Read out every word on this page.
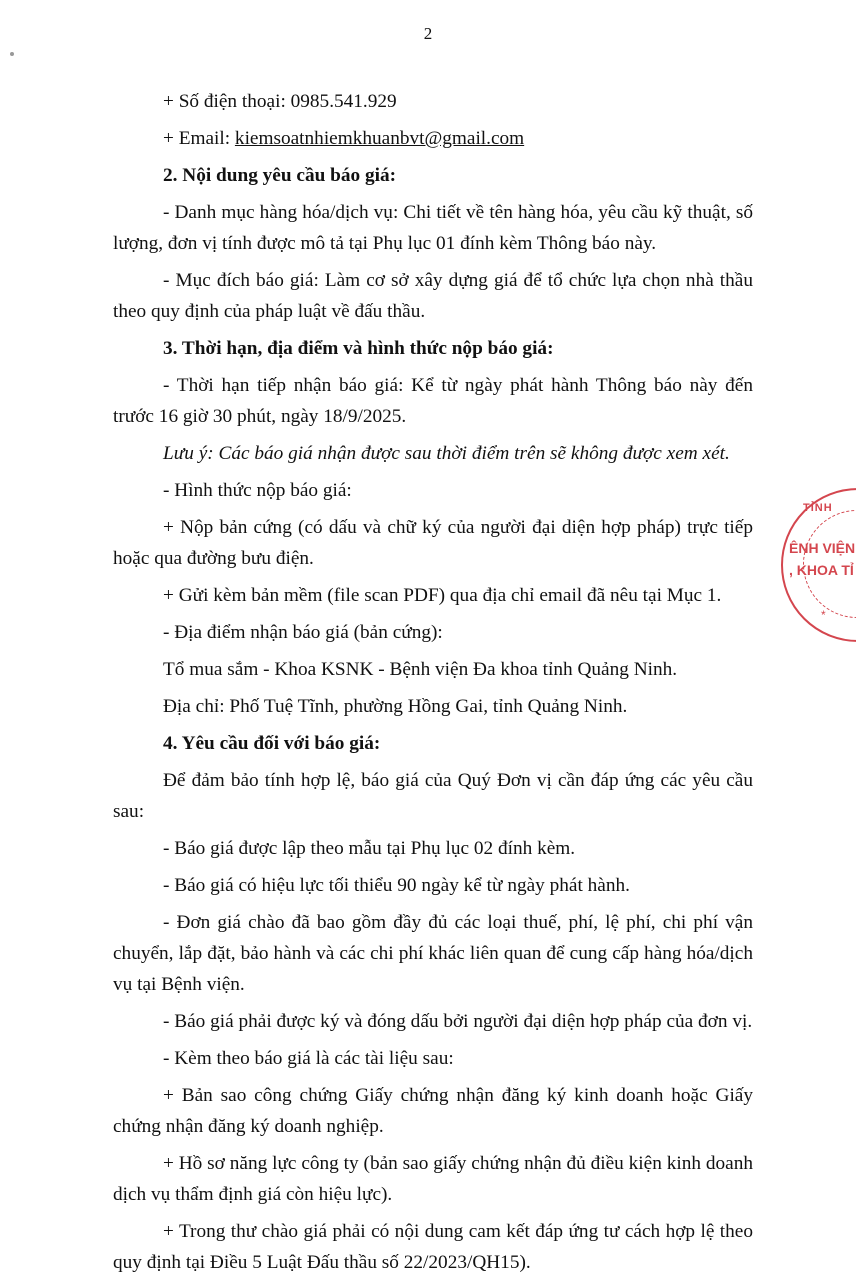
2

+ Số điện thoại: 0985.541.929

+ Email: kiemsoatnhiemkhuanbvt@gmail.com

2. Nội dung yêu cầu báo giá:

- Danh mục hàng hóa/dịch vụ: Chi tiết về tên hàng hóa, yêu cầu kỹ thuật, số lượng, đơn vị tính được mô tả tại Phụ lục 01 đính kèm Thông báo này.

- Mục đích báo giá: Làm cơ sở xây dựng giá để tổ chức lựa chọn nhà thầu theo quy định của pháp luật về đấu thầu.

3. Thời hạn, địa điểm và hình thức nộp báo giá:

- Thời hạn tiếp nhận báo giá: Kể từ ngày phát hành Thông báo này đến trước 16 giờ 30 phút, ngày 18/9/2025.

Lưu ý: Các báo giá nhận được sau thời điểm trên sẽ không được xem xét.

- Hình thức nộp báo giá:

+ Nộp bản cứng (có dấu và chữ ký của người đại diện hợp pháp) trực tiếp hoặc qua đường bưu điện.

+ Gửi kèm bản mềm (file scan PDF) qua địa chỉ email đã nêu tại Mục 1.

- Địa điểm nhận báo giá (bản cứng):

Tổ mua sắm - Khoa KSNK - Bệnh viện Đa khoa tỉnh Quảng Ninh.

Địa chỉ: Phố Tuệ Tĩnh, phường Hồng Gai, tỉnh Quảng Ninh.

4. Yêu cầu đối với báo giá:

Để đảm bảo tính hợp lệ, báo giá của Quý Đơn vị cần đáp ứng các yêu cầu sau:

- Báo giá được lập theo mẫu tại Phụ lục 02 đính kèm.

- Báo giá có hiệu lực tối thiểu 90 ngày kể từ ngày phát hành.

- Đơn giá chào đã bao gồm đầy đủ các loại thuế, phí, lệ phí, chi phí vận chuyển, lắp đặt, bảo hành và các chi phí khác liên quan để cung cấp hàng hóa/dịch vụ tại Bệnh viện.

- Báo giá phải được ký và đóng dấu bởi người đại diện hợp pháp của đơn vị.

- Kèm theo báo giá là các tài liệu sau:

+ Bản sao công chứng Giấy chứng nhận đăng ký kinh doanh hoặc Giấy chứng nhận đăng ký doanh nghiệp.

+ Hồ sơ năng lực công ty (bản sao giấy chứng nhận đủ điều kiện kinh doanh dịch vụ thẩm định giá còn hiệu lực).

+ Trong thư chào giá phải có nội dung cam kết đáp ứng tư cách hợp lệ theo quy định tại Điều 5 Luật Đấu thầu số 22/2023/QH15).

TỈNH
ÊNH VIỆN
, KHOA TỈ
*
